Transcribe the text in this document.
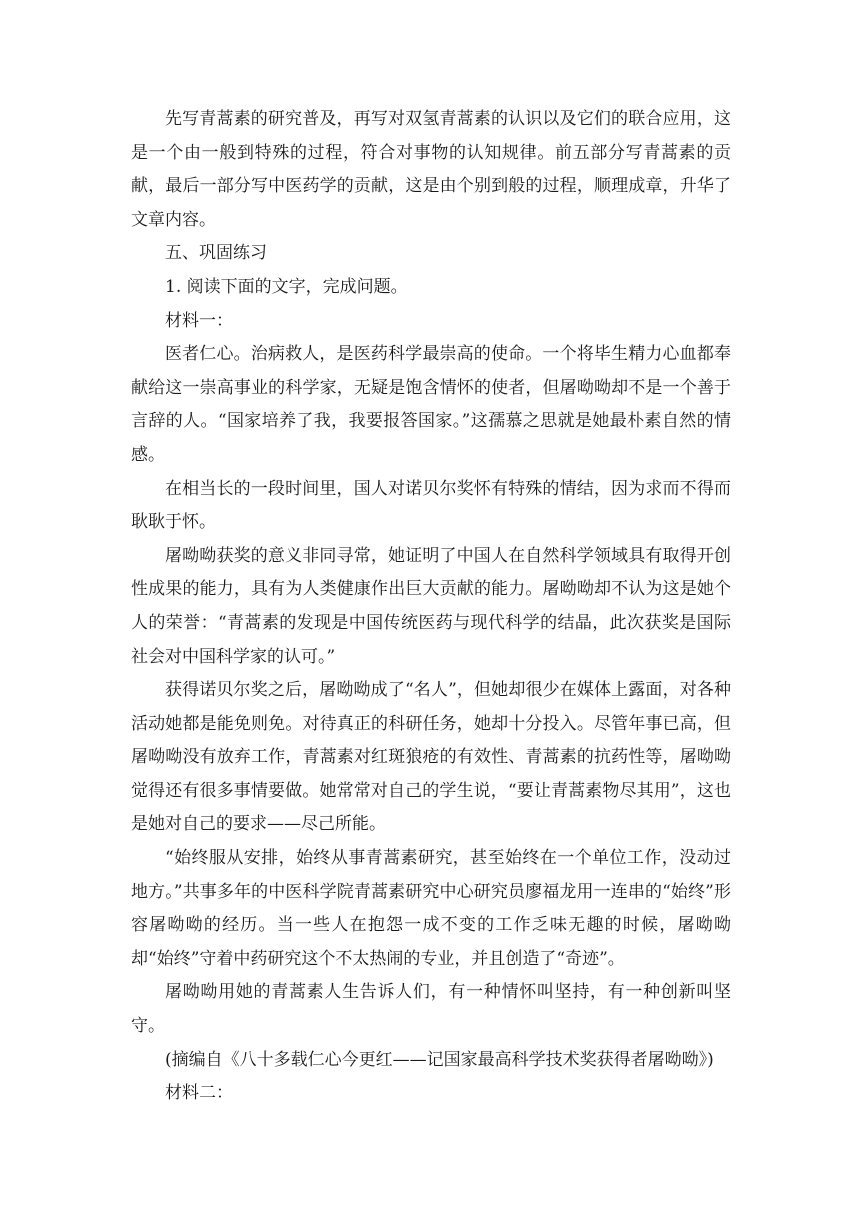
先写青蒿素的研究普及，再写对双氢青蒿素的认识以及它们的联合应用，这是一个由一般到特殊的过程，符合对事物的认知规律。前五部分写青蒿素的贡献，最后一部分写中医药学的贡献，这是由个别到般的过程，顺理成章，升华了文章内容。

五、巩固练习

1. 阅读下面的文字，完成问题。

材料一：

医者仁心。治病救人，是医药科学最崇高的使命。一个将毕生精力心血都奉献给这一崇高事业的科学家，无疑是饱含情怀的使者，但屠呦呦却不是一个善于言辞的人。“国家培养了我，我要报答国家。”这孺慕之思就是她最朴素自然的情感。

在相当长的一段时间里，国人对诺贝尔奖怀有特殊的情结，因为求而不得而耿耿于怀。

屠呦呦获奖的意义非同寻常，她证明了中国人在自然科学领域具有取得开创性成果的能力，具有为人类健康作出巨大贡献的能力。屠呦呦却不认为这是她个人的荣誉：“青蒿素的发现是中国传统医药与现代科学的结晶，此次获奖是国际社会对中国科学家的认可。”

获得诺贝尔奖之后，屠呦呦成了“名人”，但她却很少在媒体上露面，对各种活动她都是能免则免。对待真正的科研任务，她却十分投入。尽管年事已高，但屠呦呦没有放弃工作，青蒿素对红斑狼疮的有效性、青蒿素的抗药性等，屠呦呦觉得还有很多事情要做。她常常对自己的学生说，“要让青蒿素物尽其用”，这也是她对自己的要求——尽己所能。

“始终服从安排，始终从事青蒿素研究，甚至始终在一个单位工作，没动过地方。”共事多年的中医科学院青蒿素研究中心研究员廖福龙用一连串的“始终”形容屠呦呦的经历。当一些人在抱怨一成不变的工作乏味无趣的时候，屠呦呦却“始终”守着中药研究这个不太热闹的专业，并且创造了“奇迹”。

屠呦呦用她的青蒿素人生告诉人们，有一种情怀叫坚持，有一种创新叫坚守。

(摘编自《八十多载仁心今更红——记国家最高科学技术奖获得者屠呦呦》)

材料二：
